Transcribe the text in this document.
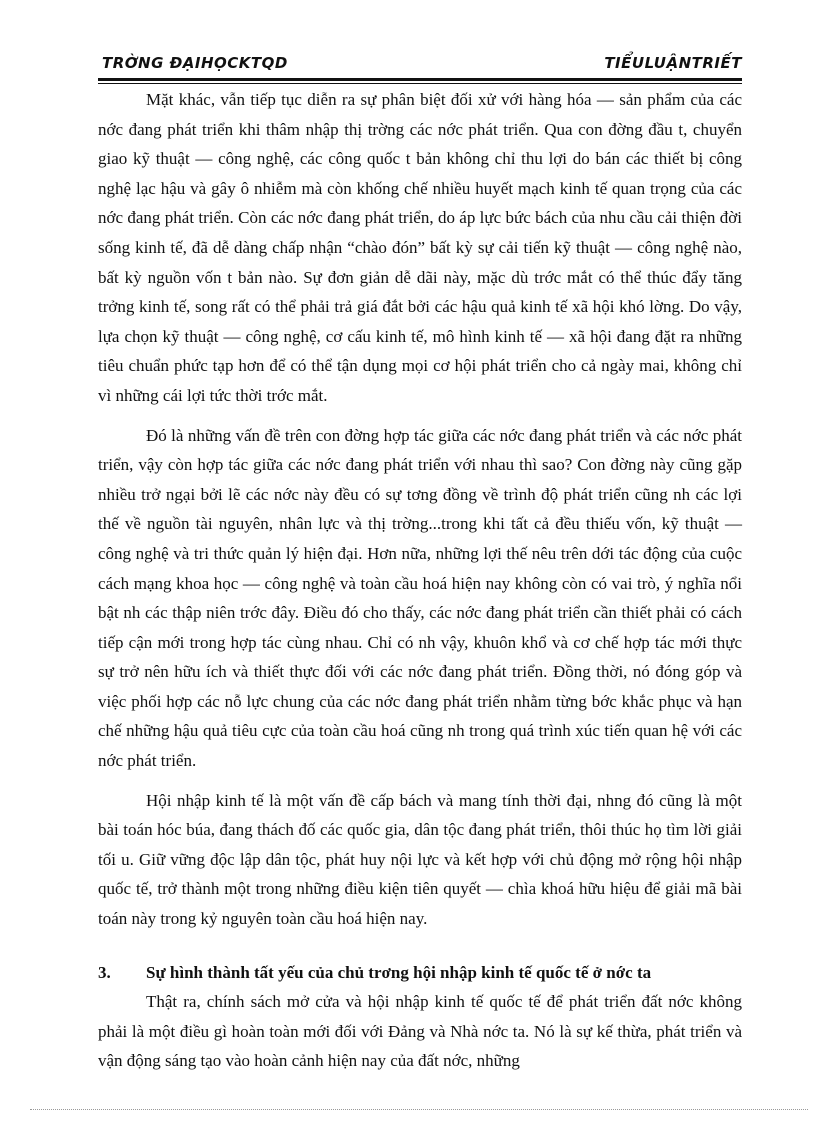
TRỜNG ĐẠIHỌCKTQD	TIỂULUẬNTRIẾT

Mặt khác, vẫn tiếp tục diễn ra sự phân biệt đối xử với hàng hóa — sản phẩm của các nớc đang phát triển khi thâm nhập thị trờng các nớc phát triển. Qua con đờng đầu t, chuyển giao kỹ thuật — công nghệ, các công quốc t bản không chỉ thu lợi do bán các thiết bị công nghệ lạc hậu và gây ô nhiễm mà còn khống chế nhiều huyết mạch kinh tế quan trọng của các nớc đang phát triển. Còn các nớc đang phát triển, do áp lực bức bách của nhu cầu cải thiện đời sống kinh tế, đã dễ dàng chấp nhận “chào đón” bất kỳ sự cải tiến kỹ thuật — công nghệ nào, bất kỳ nguồn vốn t bản nào. Sự đơn giản dễ dãi này, mặc dù trớc mắt có thể thúc đẩy tăng trởng kinh tế, song rất có thể phải trả giá đắt bởi các hậu quả kinh tế xã hội khó lờng. Do vậy, lựa chọn kỹ thuật — công nghệ, cơ cấu kinh tế, mô hình kinh tế — xã hội đang đặt ra những tiêu chuẩn phức tạp hơn để có thể tận dụng mọi cơ hội phát triển cho cả ngày mai, không chỉ vì những cái lợi tức thời trớc mắt.

Đó là những vấn đề trên con đờng hợp tác giữa các nớc đang phát triển và các nớc phát triển, vậy còn hợp tác giữa các nớc đang phát triển với nhau thì sao? Con đờng này cũng gặp nhiều trở ngại bởi lẽ các nớc này đều có sự tơng đồng về trình độ phát triển cũng nh các lợi thế về nguồn tài nguyên, nhân lực và thị trờng...trong khi tất cả đều thiếu vốn, kỹ thuật — công nghệ và tri thức quản lý hiện đại. Hơn nữa, những lợi thế nêu trên dới tác động của cuộc cách mạng khoa học — công nghệ và toàn cầu hoá hiện nay không còn có vai trò, ý nghĩa nổi bật nh các thập niên trớc đây. Điều đó cho thấy, các nớc đang phát triển cần thiết phải có cách tiếp cận mới trong hợp tác cùng nhau. Chỉ có nh vậy, khuôn khổ và cơ chế hợp tác mới thực sự trở nên hữu ích và thiết thực đối với các nớc đang phát triển. Đồng thời, nó đóng góp và việc phối hợp các nỗ lực chung của các nớc đang phát triển nhằm từng bớc khắc phục và hạn chế những hậu quả tiêu cực của toàn cầu hoá cũng nh trong quá trình xúc tiến quan hệ với các nớc phát triển.

Hội nhập kinh tế là một vấn đề cấp bách và mang tính thời đại, nhng đó cũng là một bài toán hóc búa, đang thách đố các quốc gia, dân tộc đang phát triển, thôi thúc họ tìm lời giải tối u. Giữ vững độc lập dân tộc, phát huy nội lực và kết hợp với chủ động mở rộng hội nhập quốc tế, trở thành một trong những điều kiện tiên quyết — chìa khoá hữu hiệu để giải mã bài toán này trong kỷ nguyên toàn cầu hoá hiện nay.

3. Sự hình thành tất yếu của chủ trơng hội nhập kinh tế quốc tế ở nớc ta

Thật ra, chính sách mở cửa và hội nhập kinh tế quốc tế để phát triển đất nớc không phải là một điều gì hoàn toàn mới đối với Đảng và Nhà nớc ta. Nó là sự kế thừa, phát triển và vận động sáng tạo vào hoàn cảnh hiện nay của đất nớc, những
